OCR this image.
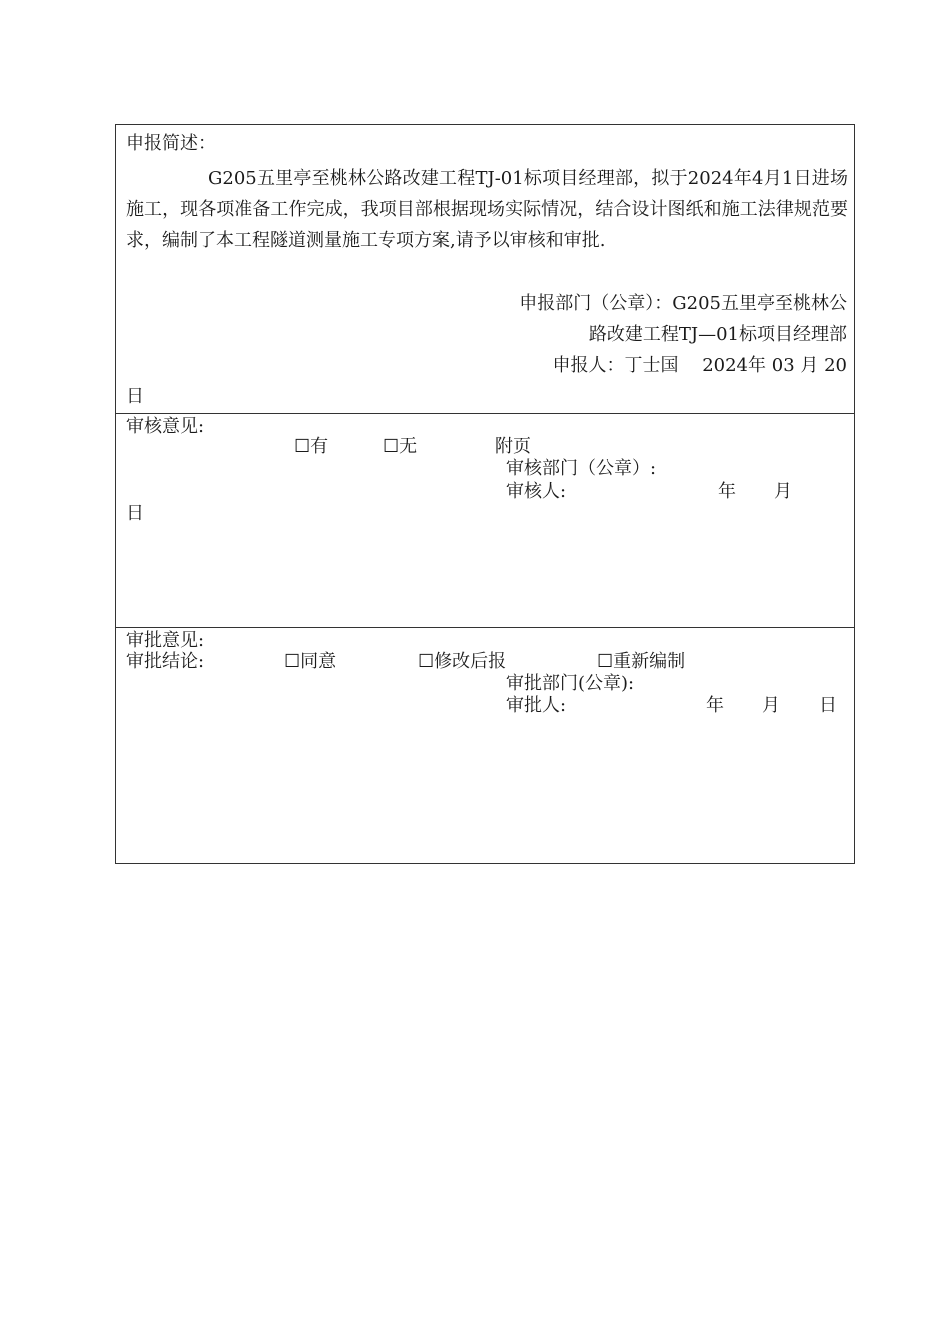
申报简述：

G205五里亭至桃林公路改建工程TJ-01标项目经理部，拟于2024年4月1日进场施工，现各项准备工作完成，我项目部根据现场实际情况，结合设计图纸和施工法律规范要求，编制了本工程隧道测量施工专项方案,请予以审核和审批.

申报部门（公章）：G205五里亭至桃林公
路改建工程TJ—01标项目经理部
申报人：丁士国　 2024年 03 月 20
日
审核意见:
☐有	☐无	附页
审核部门（公章）:
审核人:	年 月
日
审批意见:
审批结论:	☐同意	☐修改后报	☐重新编制
审批部门(公章):
审批人:	年 月 日
